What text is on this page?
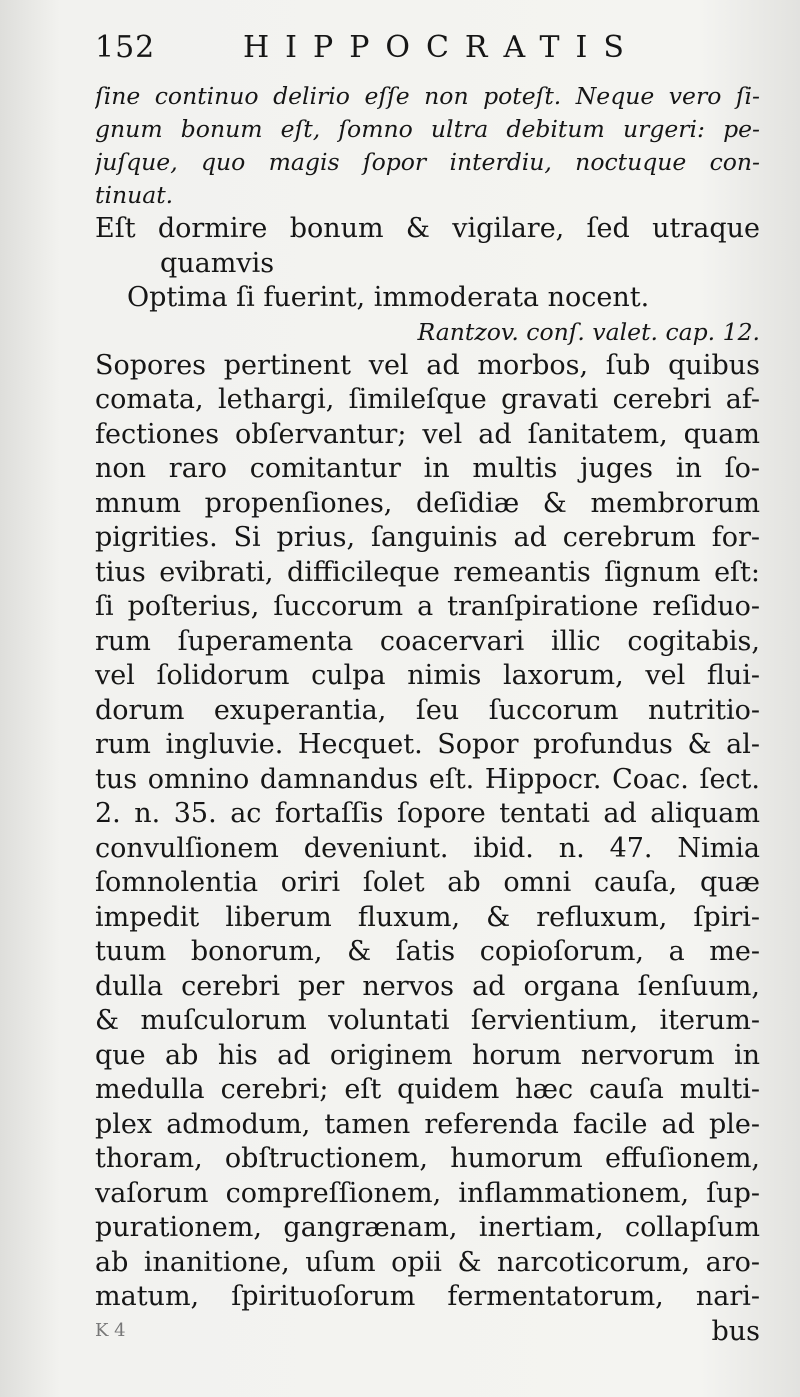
152	HIPPOCRATIS
ſine continuo delirio eſſe non poteſt. Neque vero ſi-
gnum bonum eſt, ſomno ultra debitum urgeri: pe-
juſque, quo magis ſopor interdiu, noctuque con-
tinuat.
Eſt dormire bonum & vigilare, ſed utraque
quamvis
Optima ſi fuerint, immoderata nocent.
Rantzov. conſ. valet. cap. 12.
Sopores pertinent vel ad morbos, ſub quibus
comata, lethargi, ſimileſque gravati cerebri af-
fectiones obſervantur; vel ad ſanitatem, quam
non raro comitantur in multis juges in ſo-
mnum propenſiones, deſidiæ & membrorum
pigrities. Si prius, ſanguinis ad cerebrum for-
tius evibrati, difficileque remeantis ſignum eſt:
ſi poſterius, ſuccorum a tranſpiratione reſiduo-
rum ſuperamenta coacervari illic cogitabis,
vel ſolidorum culpa nimis laxorum, vel flui-
dorum exuperantia, ſeu ſuccorum nutritio-
rum ingluvie. Hecquet. Sopor profundus & al-
tus omnino damnandus eſt. Hippocr. Coac. ſect.
2. n. 35. ac fortaſſis ſopore tentati ad aliquam
convulſionem deveniunt. ibid. n. 47. Nimia
ſomnolentia oriri ſolet ab omni cauſa, quæ
impedit liberum fluxum, & refluxum, ſpiri-
tuum bonorum, & ſatis copioſorum, a me-
dulla cerebri per nervos ad organa ſenſuum,
& muſculorum voluntati ſervientium, iterum-
que ab his ad originem horum nervorum in
medulla cerebri; eſt quidem hæc cauſa multi-
plex admodum, tamen referenda facile ad ple-
thoram, obſtructionem, humorum effuſionem,
vaſorum compreſſionem, inflammationem, ſup-
purationem, gangrænam, inertiam, collapſum
ab inanitione, uſum opii & narcoticorum, aro-
matum, ſpirituoſorum fermentatorum, nari-
bus
K 4
